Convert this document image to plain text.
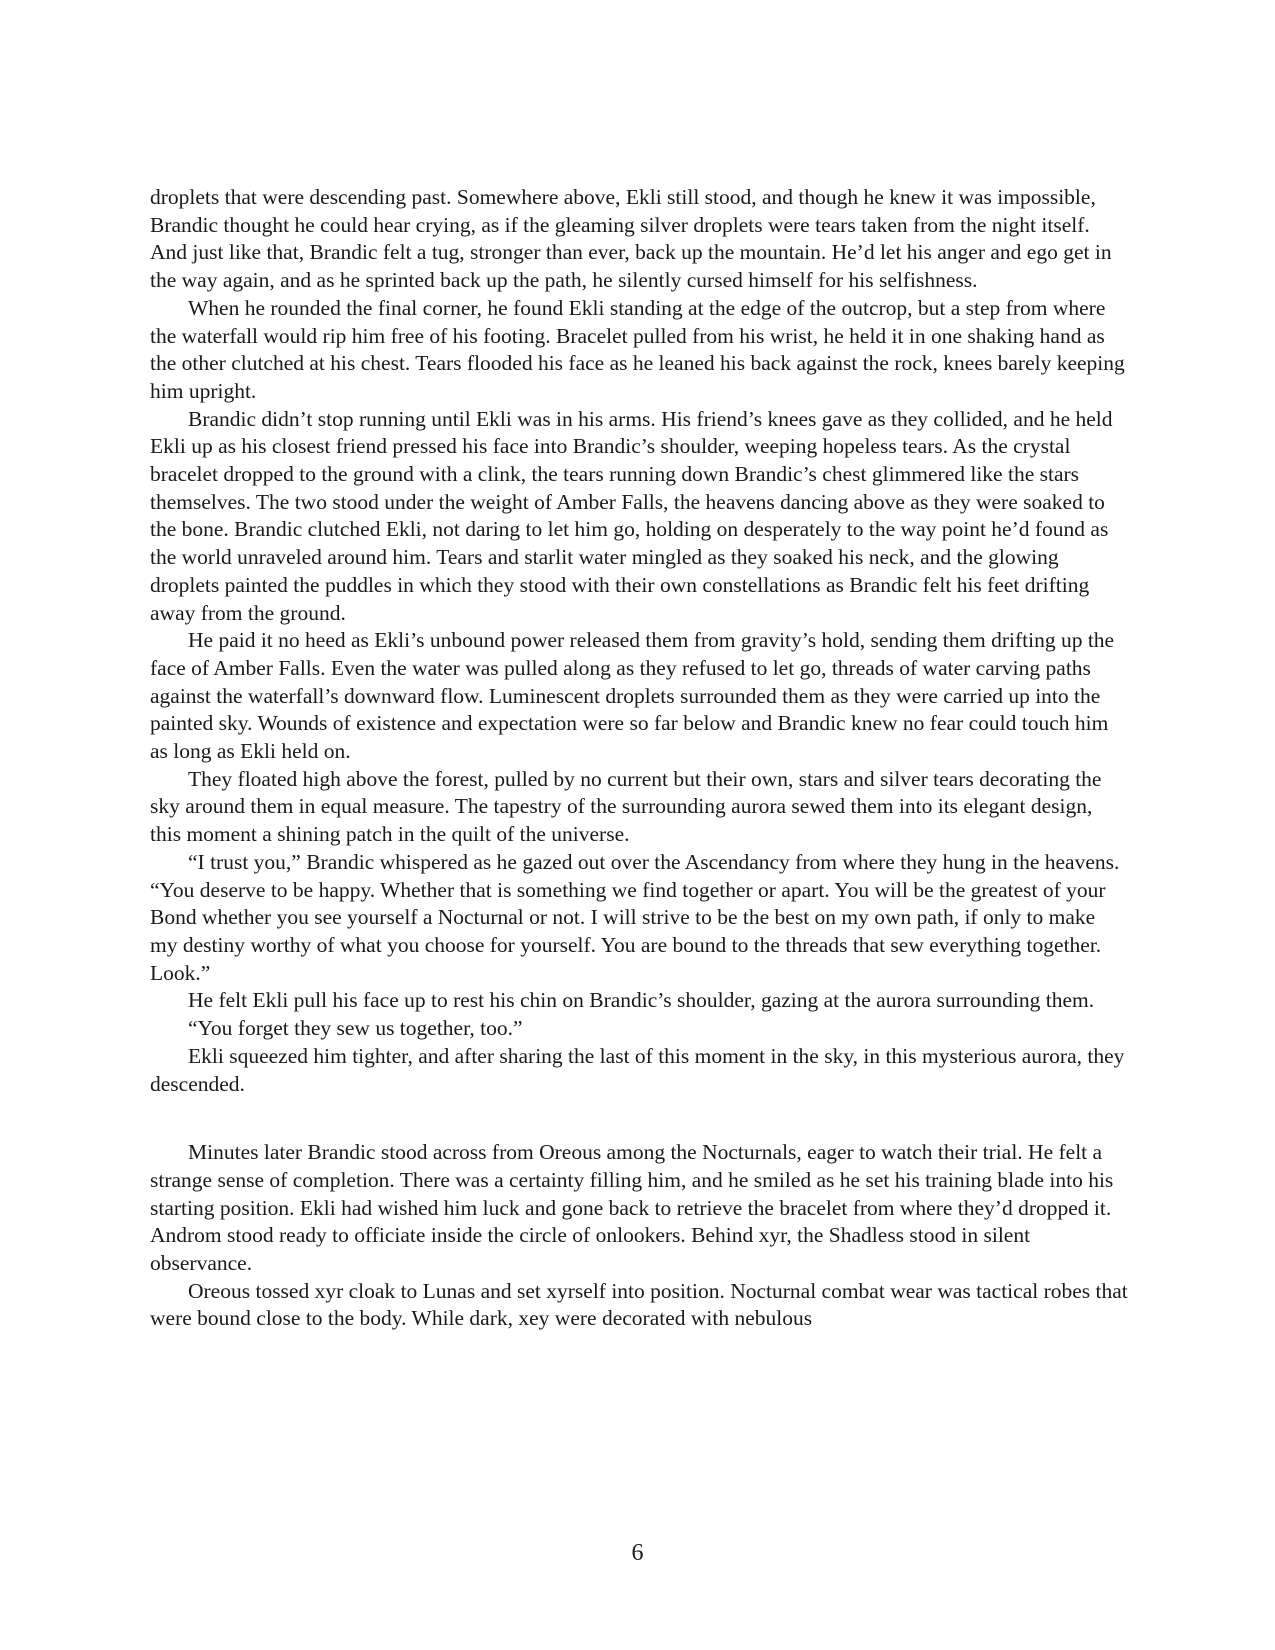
droplets that were descending past. Somewhere above, Ekli still stood, and though he knew it was impossible, Brandic thought he could hear crying, as if the gleaming silver droplets were tears taken from the night itself. And just like that, Brandic felt a tug, stronger than ever, back up the mountain. He’d let his anger and ego get in the way again, and as he sprinted back up the path, he silently cursed himself for his selfishness.

When he rounded the final corner, he found Ekli standing at the edge of the outcrop, but a step from where the waterfall would rip him free of his footing. Bracelet pulled from his wrist, he held it in one shaking hand as the other clutched at his chest. Tears flooded his face as he leaned his back against the rock, knees barely keeping him upright.

Brandic didn’t stop running until Ekli was in his arms. His friend’s knees gave as they collided, and he held Ekli up as his closest friend pressed his face into Brandic’s shoulder, weeping hopeless tears. As the crystal bracelet dropped to the ground with a clink, the tears running down Brandic’s chest glimmered like the stars themselves. The two stood under the weight of Amber Falls, the heavens dancing above as they were soaked to the bone. Brandic clutched Ekli, not daring to let him go, holding on desperately to the way point he’d found as the world unraveled around him. Tears and starlit water mingled as they soaked his neck, and the glowing droplets painted the puddles in which they stood with their own constellations as Brandic felt his feet drifting away from the ground.

He paid it no heed as Ekli’s unbound power released them from gravity’s hold, sending them drifting up the face of Amber Falls. Even the water was pulled along as they refused to let go, threads of water carving paths against the waterfall’s downward flow. Luminescent droplets surrounded them as they were carried up into the painted sky. Wounds of existence and expectation were so far below and Brandic knew no fear could touch him as long as Ekli held on.

They floated high above the forest, pulled by no current but their own, stars and silver tears decorating the sky around them in equal measure. The tapestry of the surrounding aurora sewed them into its elegant design, this moment a shining patch in the quilt of the universe.

“I trust you,” Brandic whispered as he gazed out over the Ascendancy from where they hung in the heavens. “You deserve to be happy. Whether that is something we find together or apart. You will be the greatest of your Bond whether you see yourself a Nocturnal or not. I will strive to be the best on my own path, if only to make my destiny worthy of what you choose for yourself. You are bound to the threads that sew everything together. Look.”

He felt Ekli pull his face up to rest his chin on Brandic’s shoulder, gazing at the aurora surrounding them.

“You forget they sew us together, too.”

Ekli squeezed him tighter, and after sharing the last of this moment in the sky, in this mysterious aurora, they descended.

Minutes later Brandic stood across from Oreous among the Nocturnals, eager to watch their trial. He felt a strange sense of completion. There was a certainty filling him, and he smiled as he set his training blade into his starting position. Ekli had wished him luck and gone back to retrieve the bracelet from where they’d dropped it. Androm stood ready to officiate inside the circle of onlookers. Behind xyr, the Shadless stood in silent observance.

Oreous tossed xyr cloak to Lunas and set xyrself into position. Nocturnal combat wear was tactical robes that were bound close to the body. While dark, xey were decorated with nebulous

6
